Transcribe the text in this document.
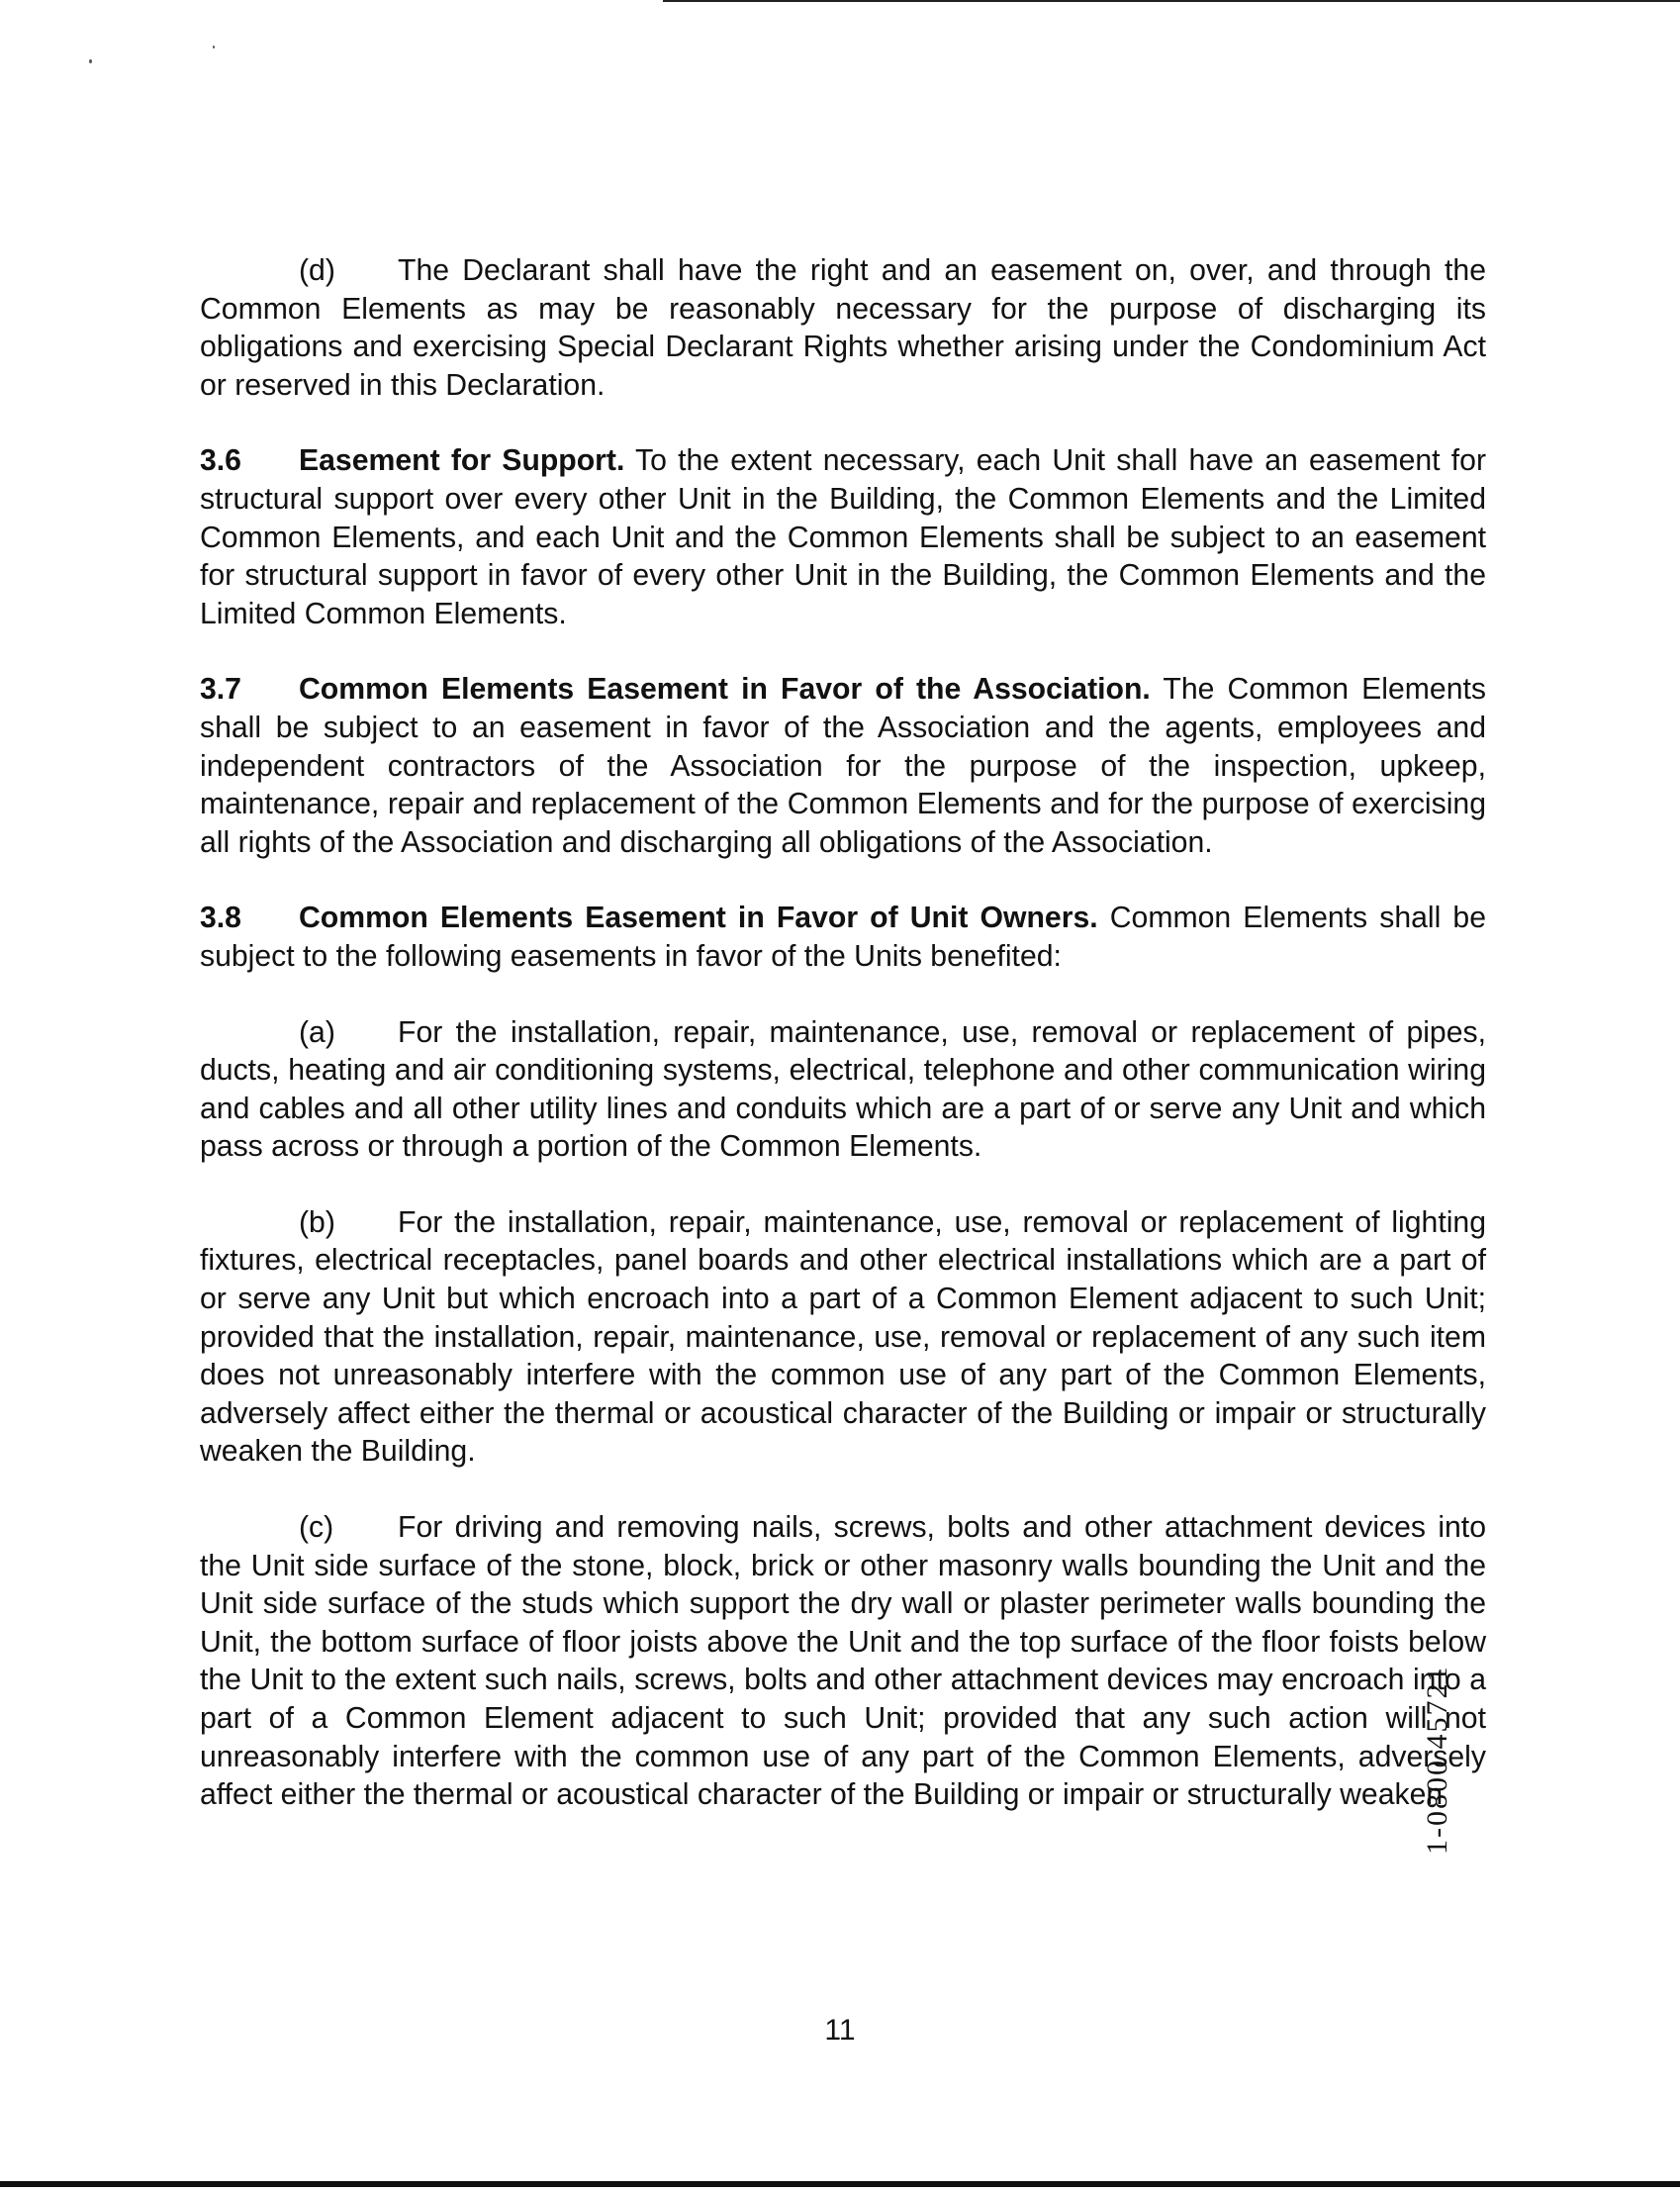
(d) The Declarant shall have the right and an easement on, over, and through the Common Elements as may be reasonably necessary for the purpose of discharging its obligations and exercising Special Declarant Rights whether arising under the Condominium Act or reserved in this Declaration.

3.6 Easement for Support. To the extent necessary, each Unit shall have an easement for structural support over every other Unit in the Building, the Common Elements and the Limited Common Elements, and each Unit and the Common Elements shall be subject to an easement for structural support in favor of every other Unit in the Building, the Common Elements and the Limited Common Elements.

3.7 Common Elements Easement in Favor of the Association. The Common Elements shall be subject to an easement in favor of the Association and the agents, employees and independent contractors of the Association for the purpose of the inspection, upkeep, maintenance, repair and replacement of the Common Elements and for the purpose of exercising all rights of the Association and discharging all obligations of the Association.

3.8 Common Elements Easement in Favor of Unit Owners. Common Elements shall be subject to the following easements in favor of the Units benefited:

(a) For the installation, repair, maintenance, use, removal or replacement of pipes, ducts, heating and air conditioning systems, electrical, telephone and other communication wiring and cables and all other utility lines and conduits which are a part of or serve any Unit and which pass across or through a portion of the Common Elements.

(b) For the installation, repair, maintenance, use, removal or replacement of lighting fixtures, electrical receptacles, panel boards and other electrical installations which are a part of or serve any Unit but which encroach into a part of a Common Element adjacent to such Unit; provided that the installation, repair, maintenance, use, removal or replacement of any such item does not unreasonably interfere with the common use of any part of the Common Elements, adversely affect either the thermal or acoustical character of the Building or impair or structurally weaken the Building.

(c) For driving and removing nails, screws, bolts and other attachment devices into the Unit side surface of the stone, block, brick or other masonry walls bounding the Unit and the Unit side surface of the studs which support the dry wall or plaster perimeter walls bounding the Unit, the bottom surface of floor joists above the Unit and the top surface of the floor foists below the Unit to the extent such nails, screws, bolts and other attachment devices may encroach into a part of a Common Element adjacent to such Unit; provided that any such action will not unreasonably interfere with the common use of any part of the Common Elements, adversely affect either the thermal or acoustical character of the Building or impair or structurally weaken

11
1-0800 45721
